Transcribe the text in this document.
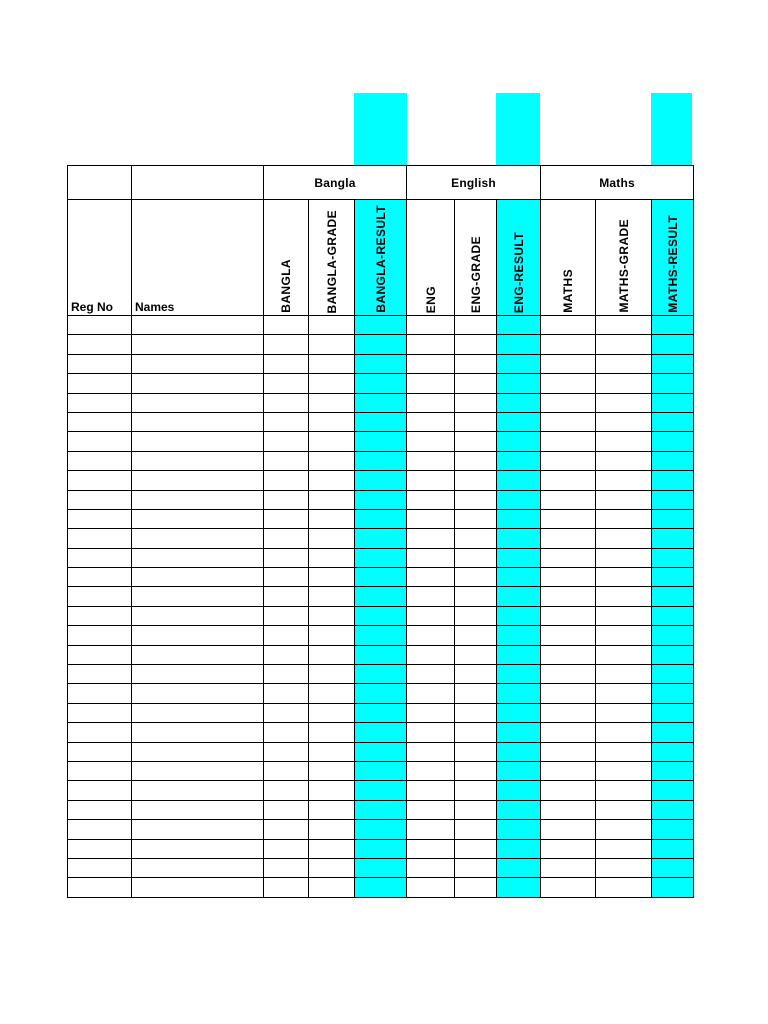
		Bangla			English			Maths		
Reg No	Names	BANGLA	BANGLA-GRADE	BANGLA-RESULT	ENG	ENG-GRADE	ENG-RESULT	MATHS	MATHS-GRADE	MATHS-RESULT
